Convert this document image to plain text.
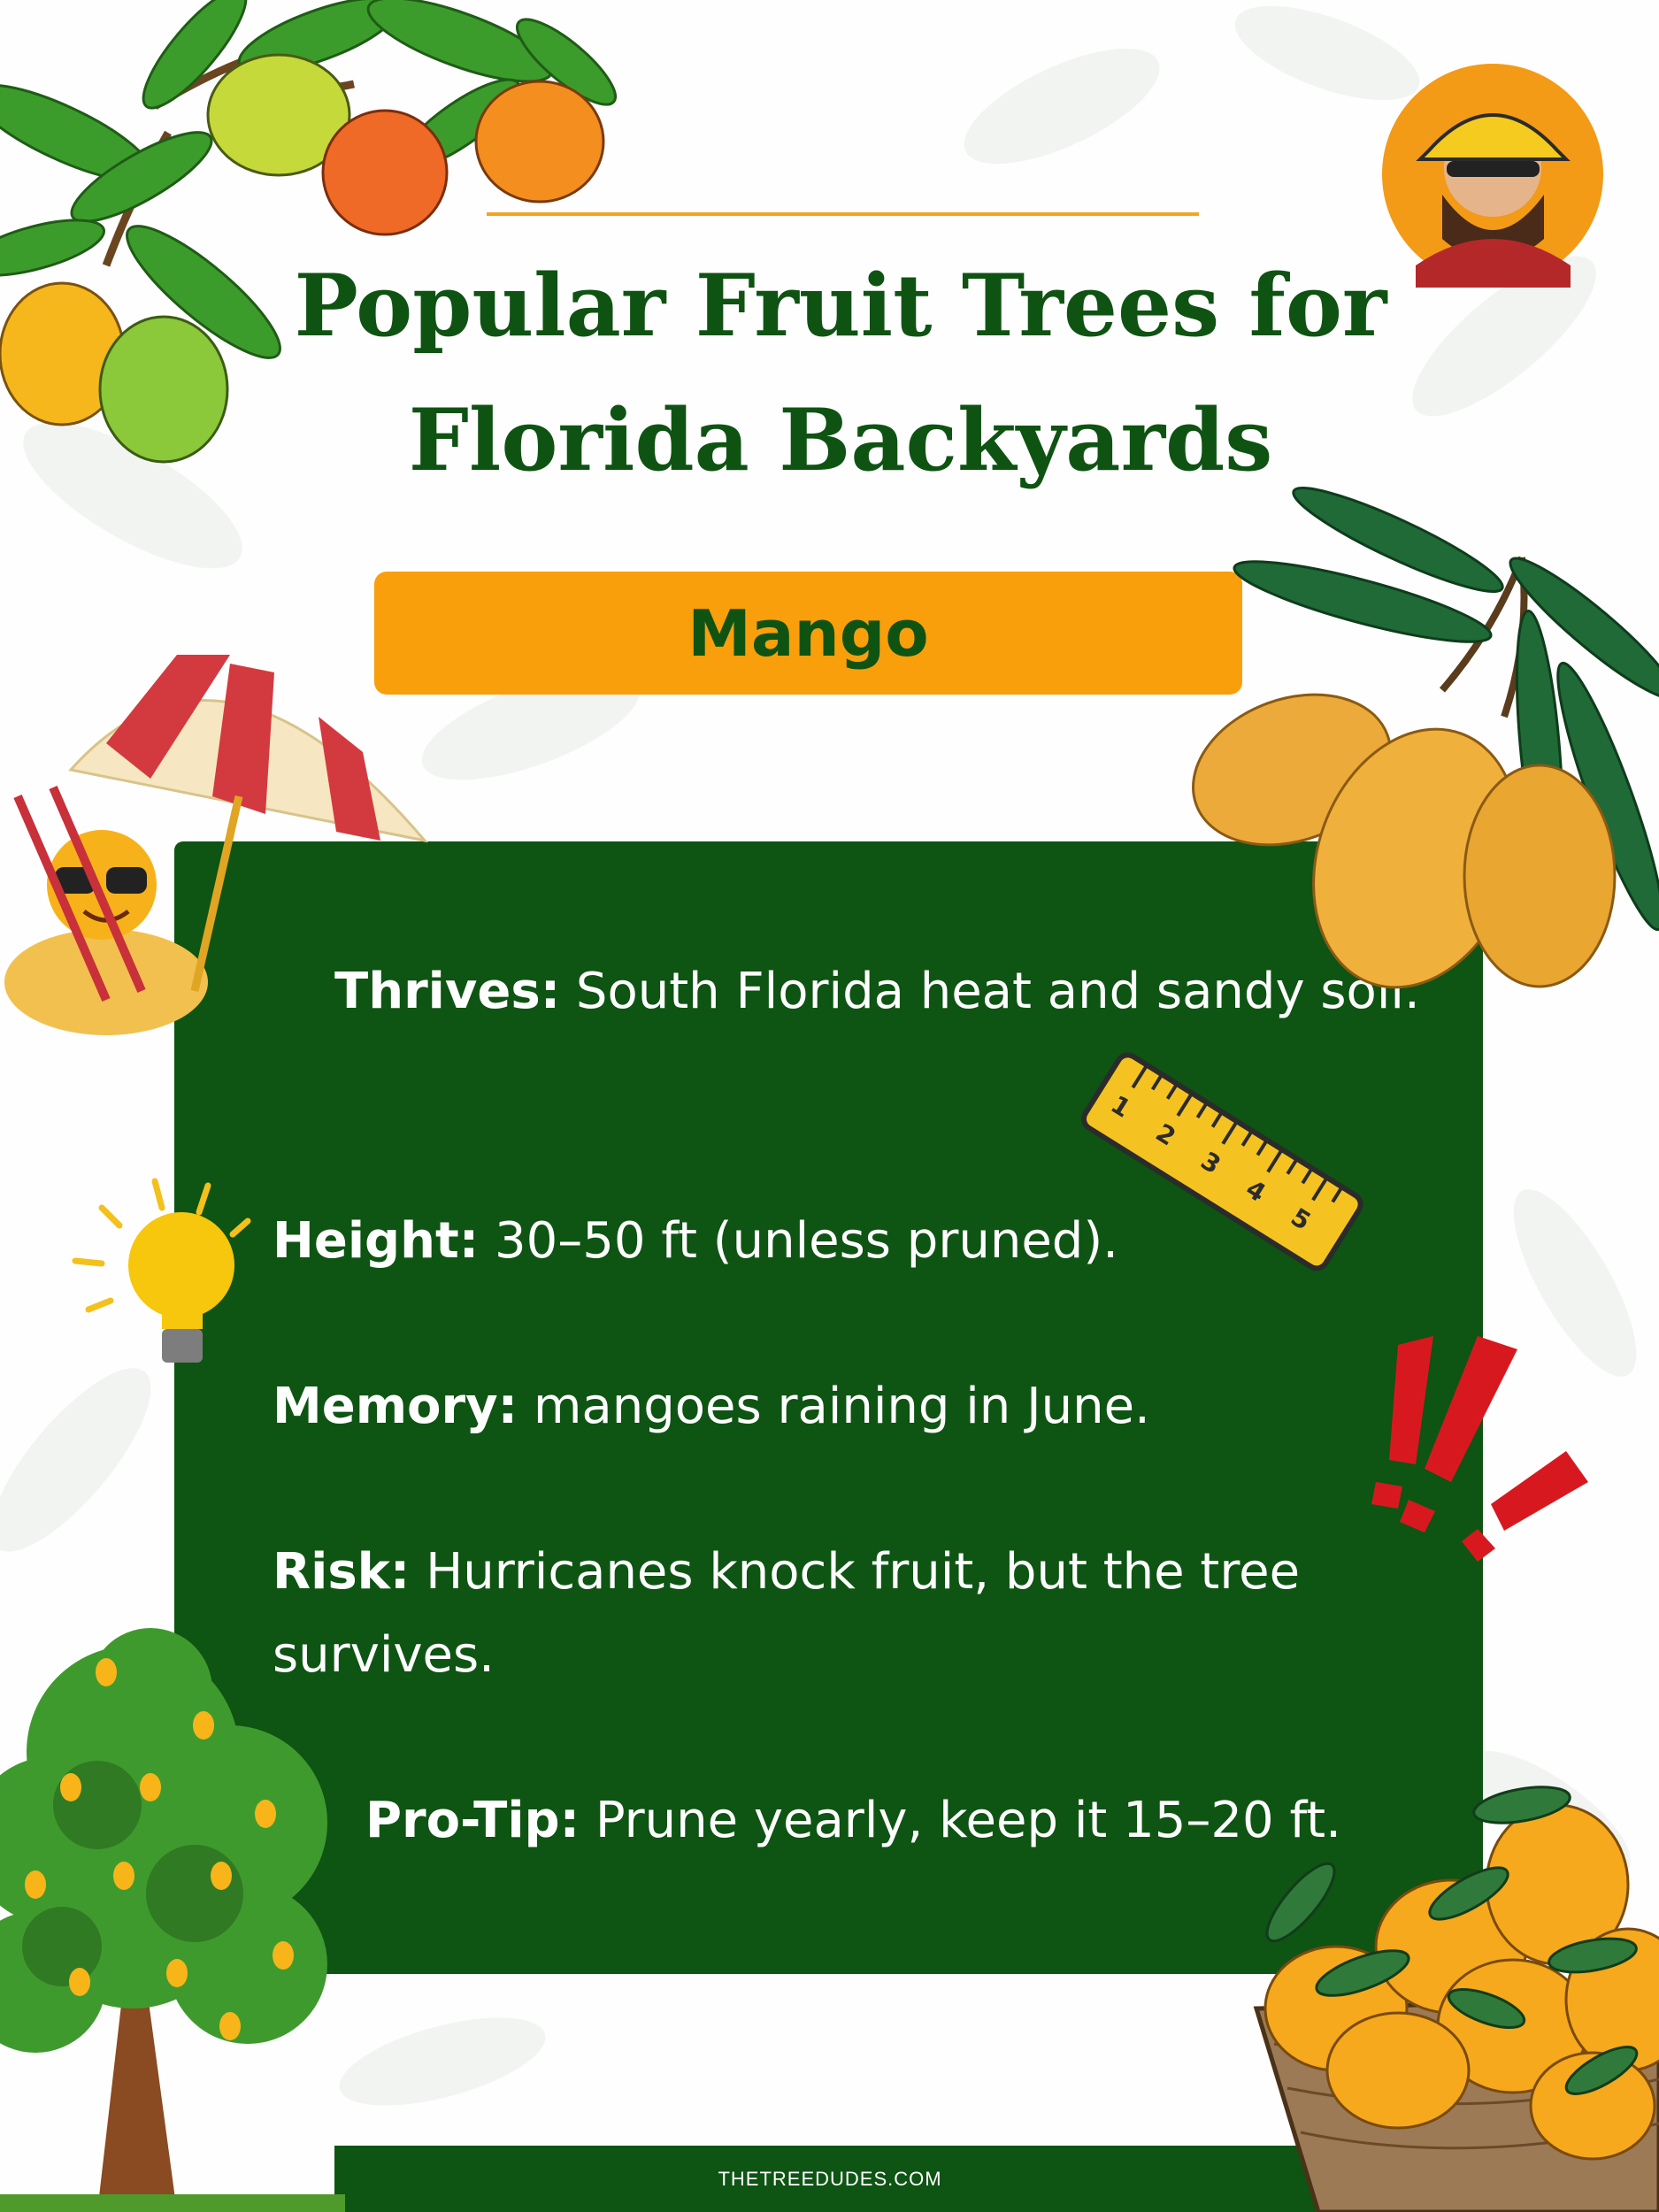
Popular Fruit Trees for Florida Backyards
Mango
Thrives: South Florida heat and sandy soil.
Height: 30–50 ft (unless pruned).
Memory: mangoes raining in June.
Risk: Hurricanes knock fruit, but the tree survives.
Pro-Tip: Prune yearly, keep it 15–20 ft.
THETREEDUDES.COM
1
2
3
4
5
